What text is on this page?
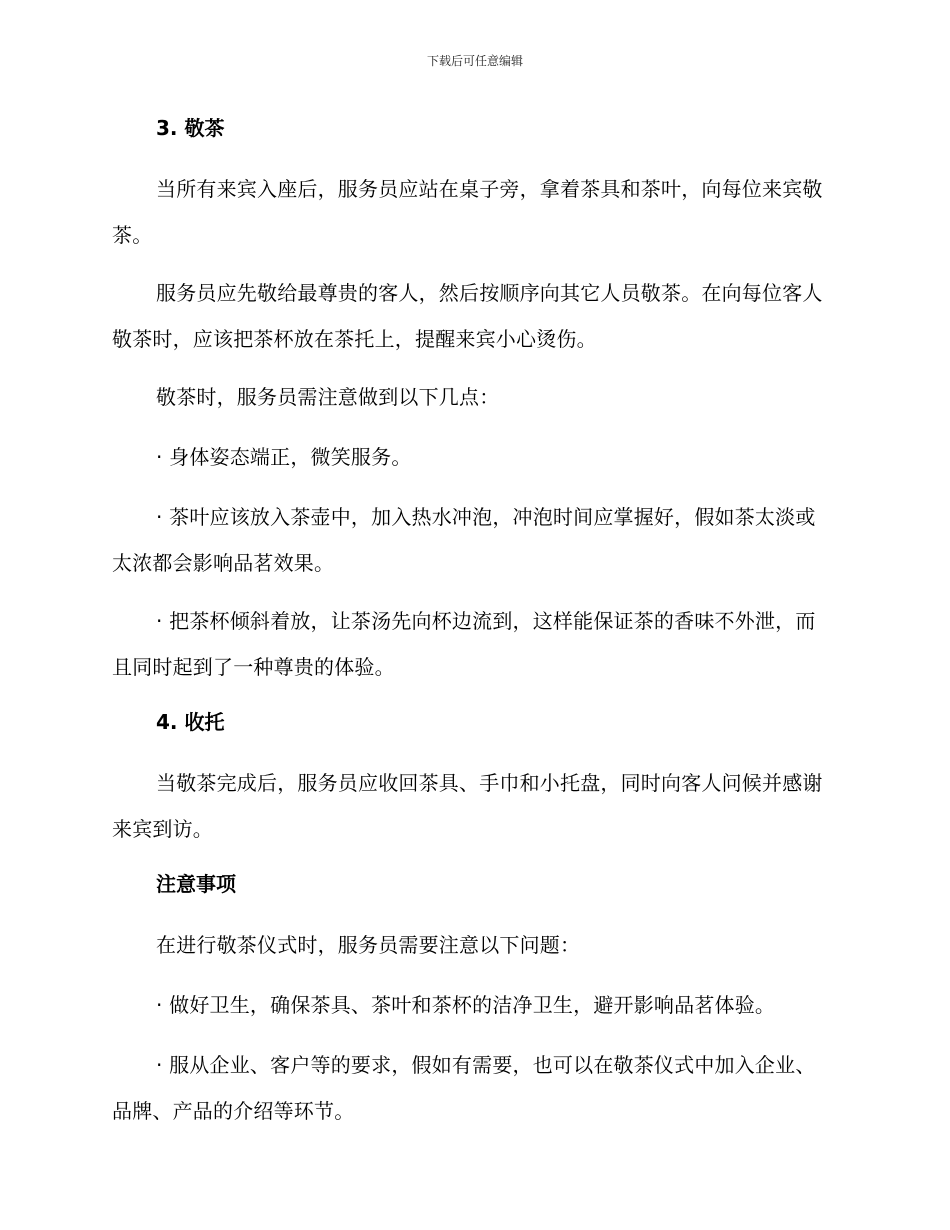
下载后可任意编辑
3. 敬茶

当所有来宾入座后，服务员应站在桌子旁，拿着茶具和茶叶，向每位来宾敬茶。

服务员应先敬给最尊贵的客人，然后按顺序向其它人员敬茶。在向每位客人敬茶时，应该把茶杯放在茶托上，提醒来宾小心烫伤。

敬茶时，服务员需注意做到以下几点：

· 身体姿态端正，微笑服务。

· 茶叶应该放入茶壶中，加入热水冲泡，冲泡时间应掌握好，假如茶太淡或太浓都会影响品茗效果。

· 把茶杯倾斜着放，让茶汤先向杯边流到，这样能保证茶的香味不外泄，而且同时起到了一种尊贵的体验。

4. 收托

当敬茶完成后，服务员应收回茶具、手巾和小托盘，同时向客人问候并感谢来宾到访。

注意事项

在进行敬茶仪式时，服务员需要注意以下问题：

· 做好卫生，确保茶具、茶叶和茶杯的洁净卫生，避开影响品茗体验。

· 服从企业、客户等的要求，假如有需要，也可以在敬茶仪式中加入企业、品牌、产品的介绍等环节。
